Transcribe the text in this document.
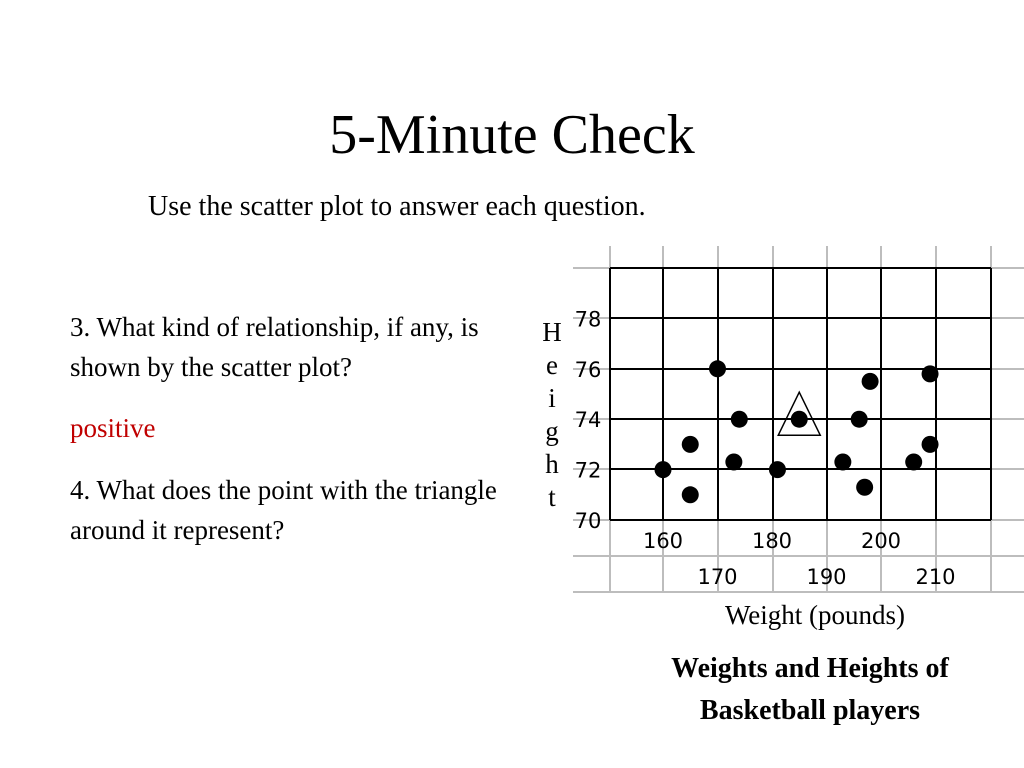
5-Minute Check
Use the scatter plot to answer each question.
3. What kind of relationship, if any, is shown by the scatter plot?
positive
4. What does the point with the triangle around it represent?
H
e
i
g
h
t
70
72
74
76
78
160	180	200
170	190	210
Weight (pounds)
Weights and Heights of Basketball players
